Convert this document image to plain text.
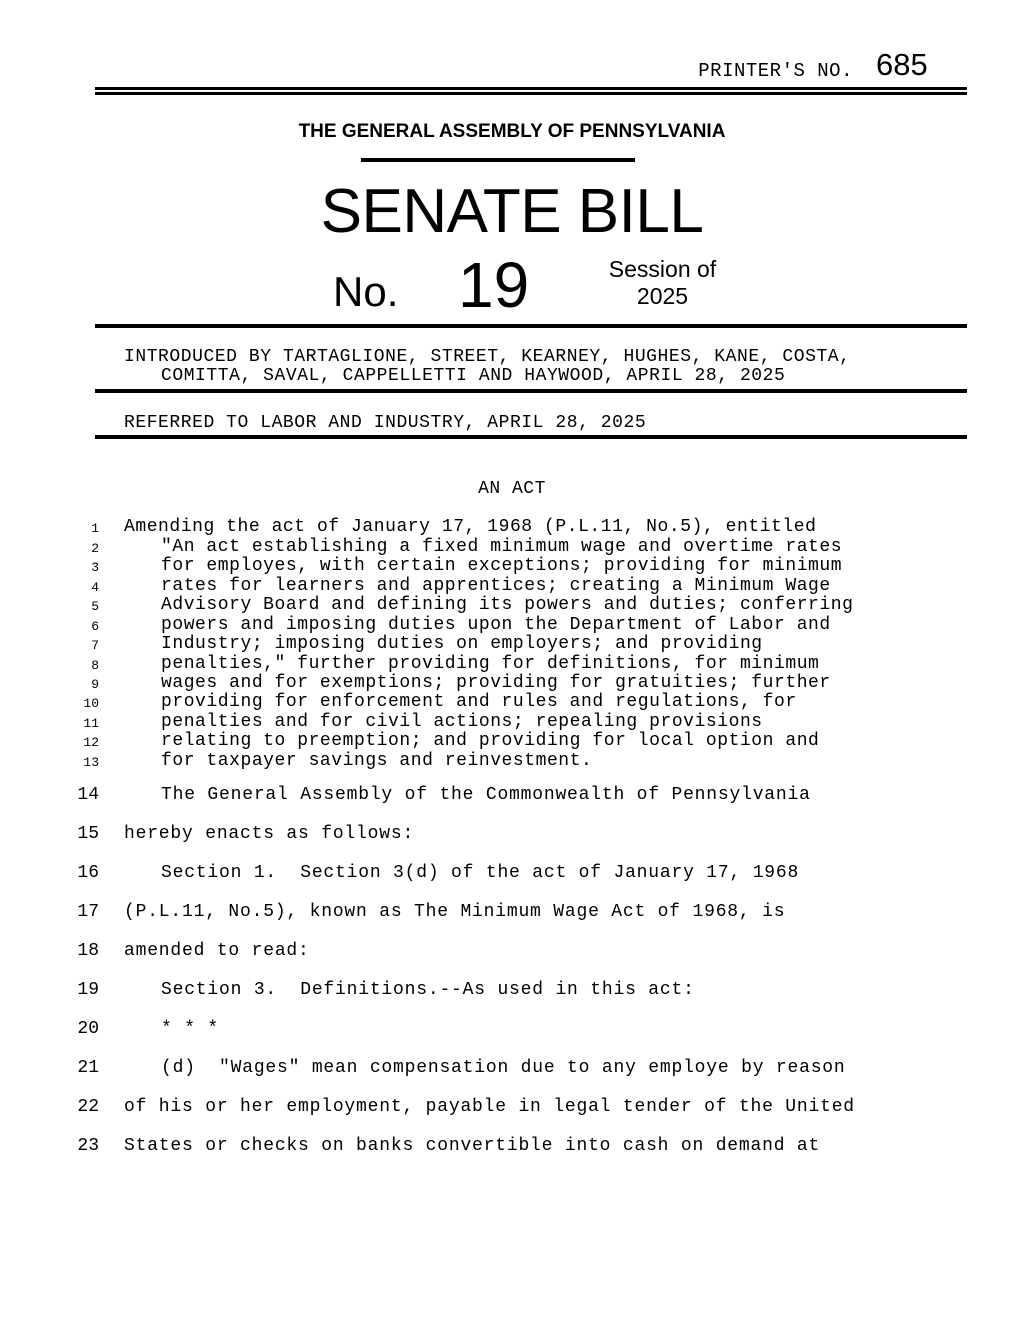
PRINTER'S NO. 685
THE GENERAL ASSEMBLY OF PENNSYLVANIA
SENATE BILL
No. 19	Session of
2025
INTRODUCED BY TARTAGLIONE, STREET, KEARNEY, HUGHES, KANE, COSTA,
COMITTA, SAVAL, CAPPELLETTI AND HAYWOOD, APRIL 28, 2025
REFERRED TO LABOR AND INDUSTRY, APRIL 28, 2025
AN ACT
1 Amending the act of January 17, 1968 (P.L.11, No.5), entitled
2	"An act establishing a fixed minimum wage and overtime rates
3	for employes, with certain exceptions; providing for minimum
4	rates for learners and apprentices; creating a Minimum Wage
5	Advisory Board and defining its powers and duties; conferring
6	powers and imposing duties upon the Department of Labor and
7	Industry; imposing duties on employers; and providing
8	penalties," further providing for definitions, for minimum
9	wages and for exemptions; providing for gratuities; further
10	providing for enforcement and rules and regulations, for
11	penalties and for civil actions; repealing provisions
12	relating to preemption; and providing for local option and
13	for taxpayer savings and reinvestment.
14	The General Assembly of the Commonwealth of Pennsylvania
15 hereby enacts as follows:
16	Section 1.  Section 3(d) of the act of January 17, 1968
17 (P.L.11, No.5), known as The Minimum Wage Act of 1968, is
18 amended to read:
19	Section 3.  Definitions.--As used in this act:
20	* * *
21	(d)  "Wages" mean compensation due to any employe by reason
22 of his or her employment, payable in legal tender of the United
23 States or checks on banks convertible into cash on demand at
